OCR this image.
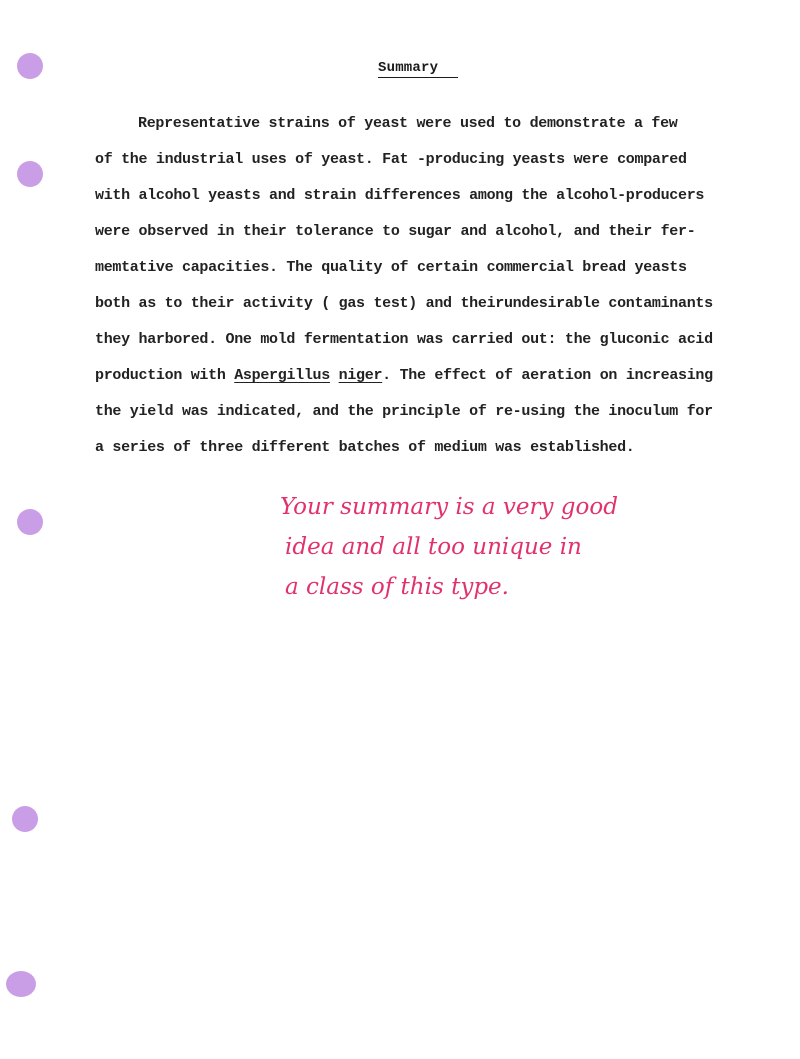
Summary
Representative strains of yeast were used to demonstrate a few
of the industrial uses of yeast. Fat -producing yeasts were compared
with alcohol yeasts and strain differences among the alcohol-producers
were observed in their tolerance to sugar and alcohol, and their fer-
memtative capacities. The quality of certain commercial bread yeasts
both as to their activity ( gas test) and theirundesirable contaminants
they harbored. One mold fermentation was carried out: the gluconic acid
production with Aspergillus niger. The effect of aeration on increasing
the yield was indicated, and the principle of re-using the inoculum for
a series of three different batches of medium was established.
Your summary is a very good
idea and all too unique in
a class of this type.
